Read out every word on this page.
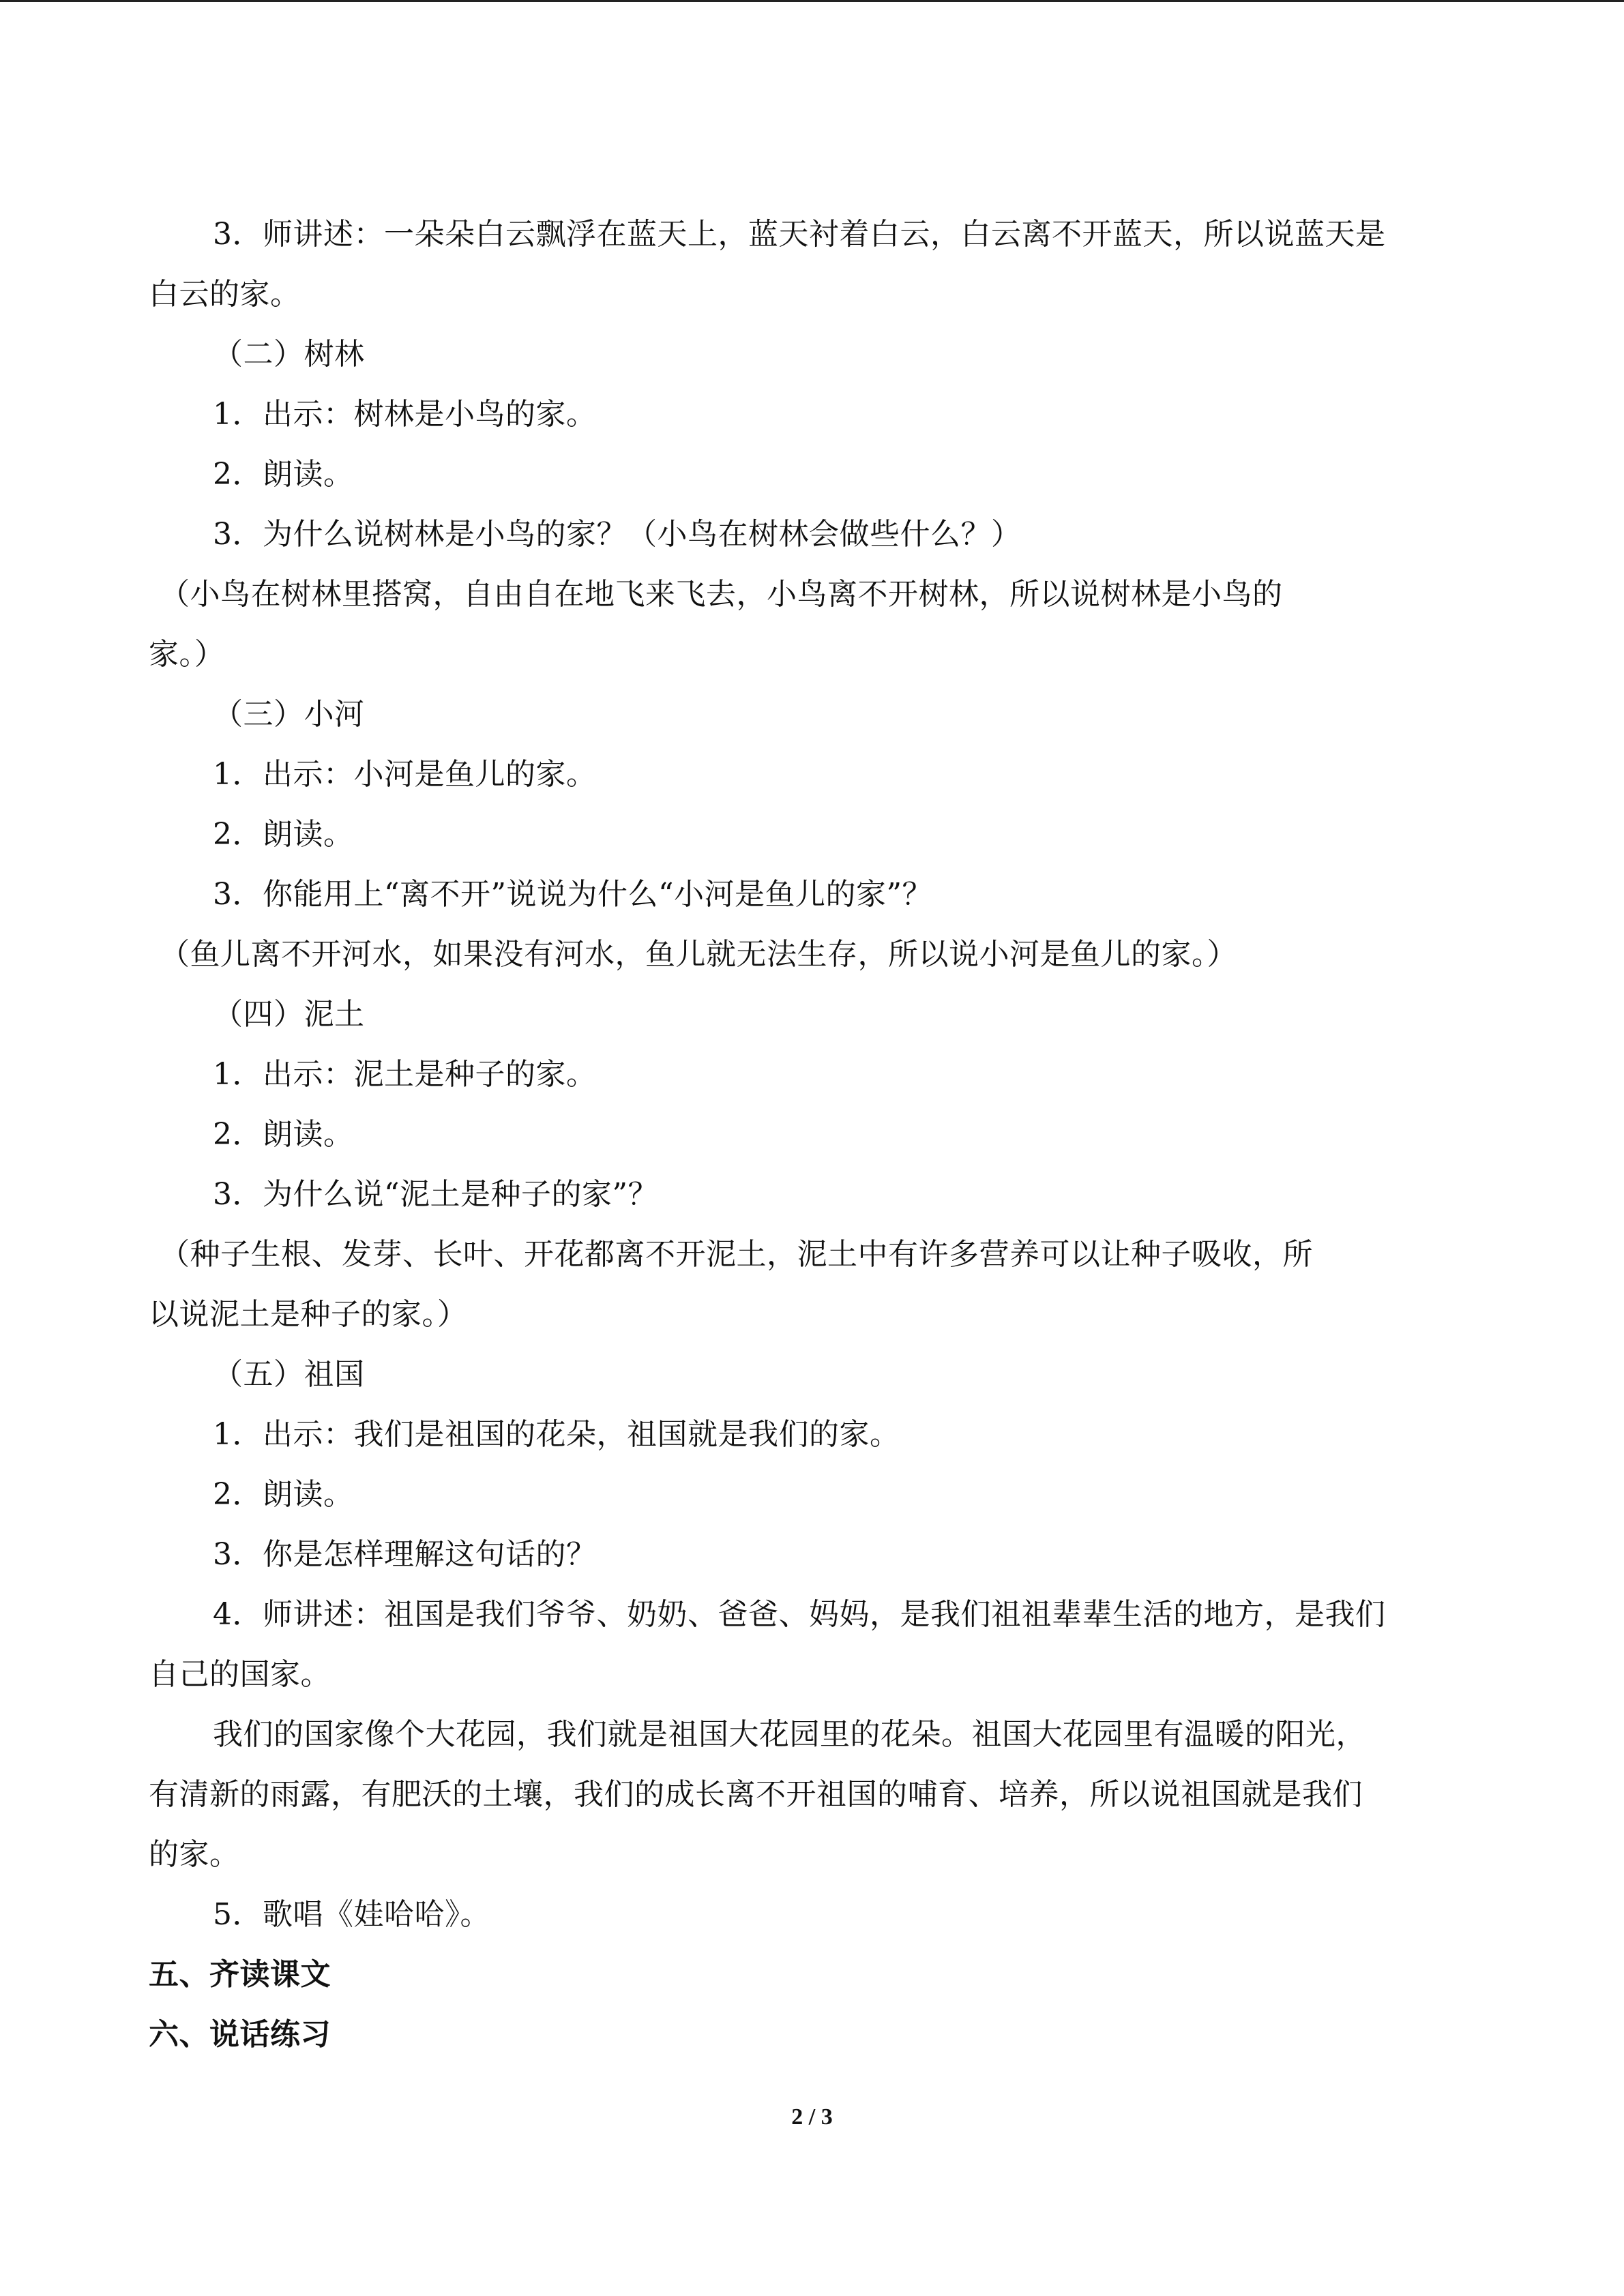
3．师讲述：一朵朵白云飘浮在蓝天上，蓝天衬着白云，白云离不开蓝天，所以说蓝天是
白云的家。
（二）树林
1．出示：树林是小鸟的家。
2．朗读。
3．为什么说树林是小鸟的家？（小鸟在树林会做些什么？）
（小鸟在树林里搭窝，自由自在地飞来飞去，小鸟离不开树林，所以说树林是小鸟的
家。）
（三）小河
1．出示：小河是鱼儿的家。
2．朗读。
3．你能用上“离不开”说说为什么“小河是鱼儿的家”？
（鱼儿离不开河水，如果没有河水，鱼儿就无法生存，所以说小河是鱼儿的家。）
（四）泥土
1．出示：泥土是种子的家。
2．朗读。
3．为什么说“泥土是种子的家”？
（种子生根、发芽、长叶、开花都离不开泥土，泥土中有许多营养可以让种子吸收，所
以说泥土是种子的家。）
（五）祖国
1．出示：我们是祖国的花朵，祖国就是我们的家。
2．朗读。
3．你是怎样理解这句话的？
4．师讲述：祖国是我们爷爷、奶奶、爸爸、妈妈，是我们祖祖辈辈生活的地方，是我们
自己的国家。
我们的国家像个大花园，我们就是祖国大花园里的花朵。祖国大花园里有温暖的阳光，
有清新的雨露，有肥沃的土壤，我们的成长离不开祖国的哺育、培养，所以说祖国就是我们
的家。
5．歌唱《娃哈哈》。
五、齐读课文
六、说话练习
2 / 3
